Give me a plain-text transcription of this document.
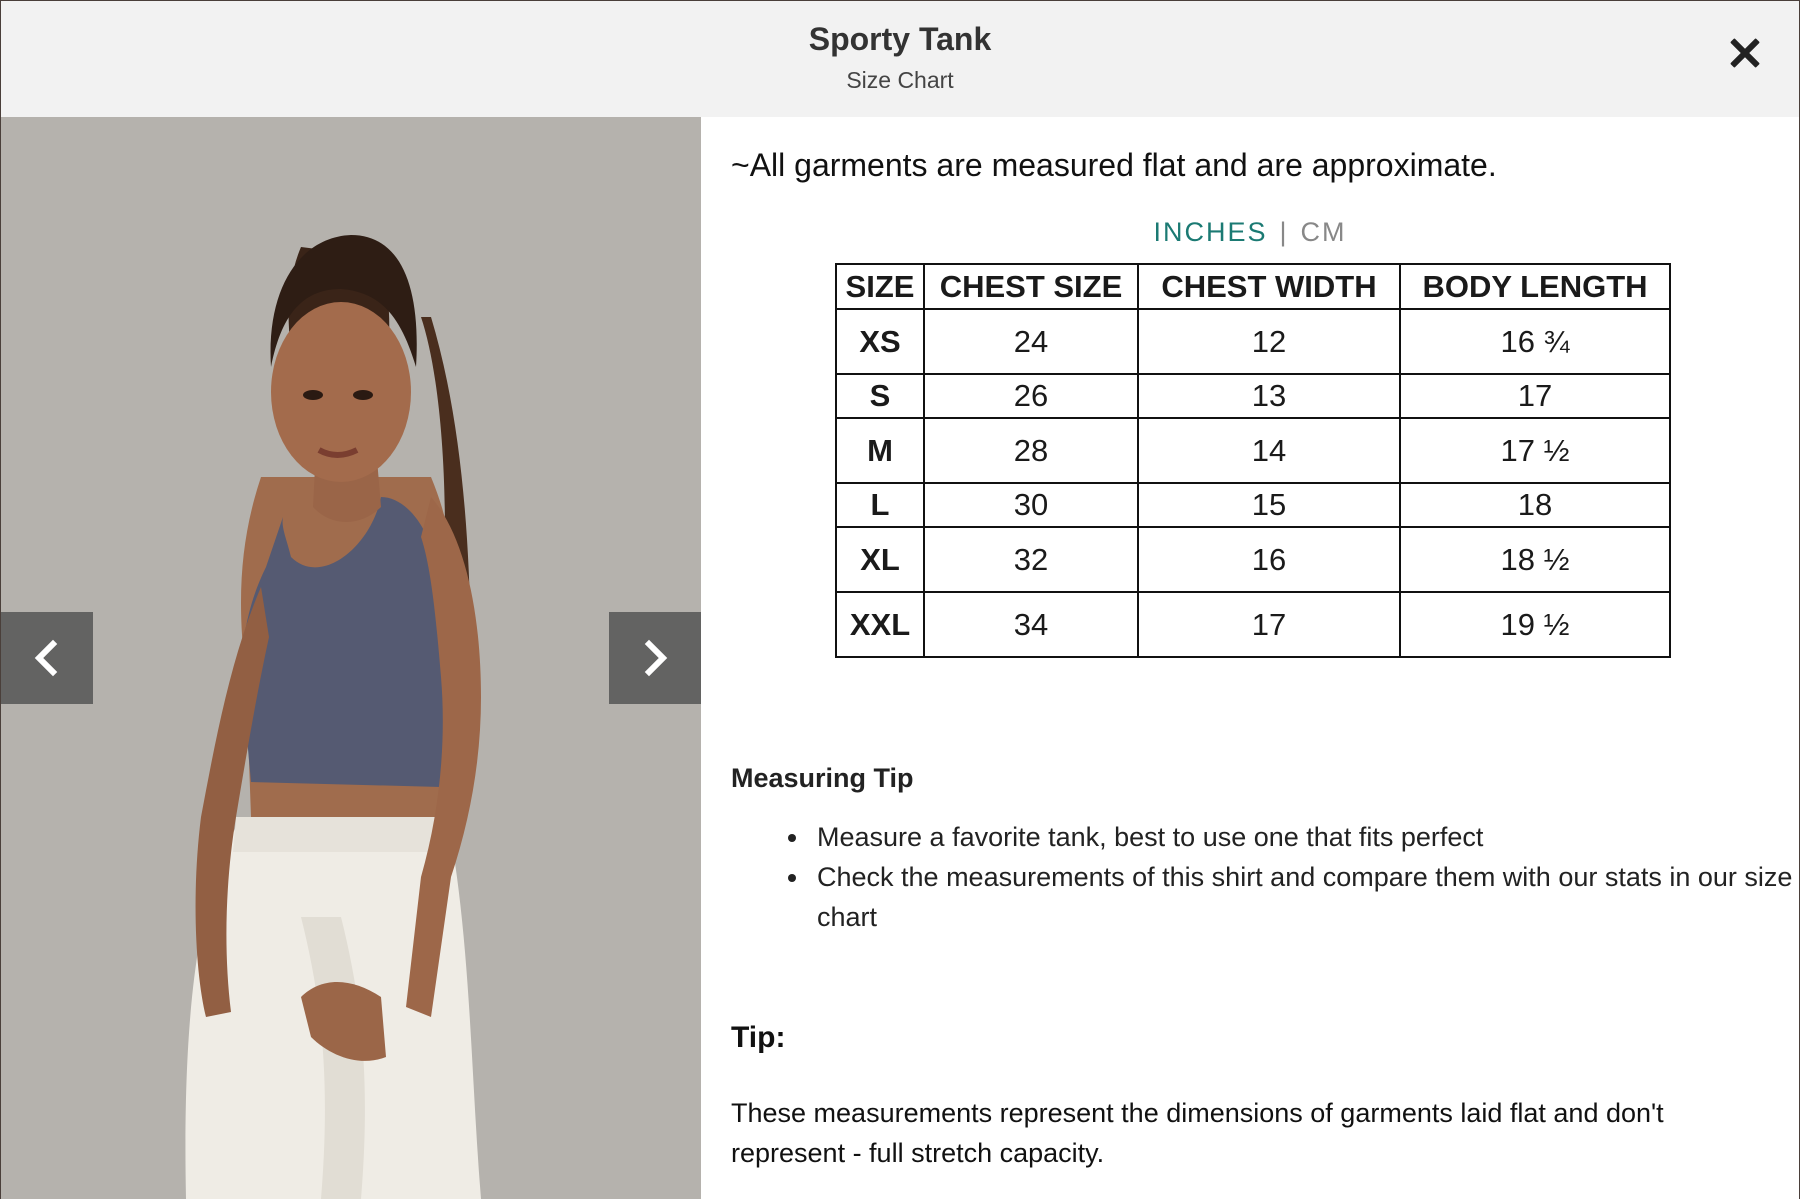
Sporty Tank
Size Chart
~All garments are measured flat and are approximate.
INCHES | CM
SIZE	CHEST SIZE	CHEST WIDTH	BODY LENGTH
XS	24	12	16 ¾
S	26	13	17
M	28	14	17 ½
L	30	15	18
XL	32	16	18 ½
XXL	34	17	19 ½
Measuring Tip
• Measure a favorite tank, best to use one that fits perfect
• Check the measurements of this shirt and compare them with our stats in our size chart
Tip:
These measurements represent the dimensions of garments laid flat and don't represent - full stretch capacity.
